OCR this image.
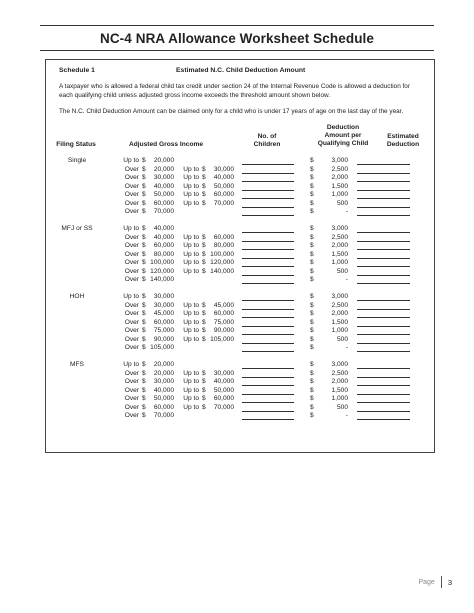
NC-4 NRA Allowance Worksheet Schedule
Schedule 1	Estimated N.C. Child Deduction Amount
A taxpayer who is allowed a federal child tax credit under section 24 of the Internal Revenue Code is allowed a deduction for each qualifying child unless adjusted gross income exceeds the threshold amount shown below.
The N.C. Child Deduction Amount can be claimed only for a child who is under 17 years of age on the last day of the year.
Filing Status	Adjusted Gross Income
No. of
Children
Deduction
Amount per
Qualifying Child
Estimated
Deduction
Single	Up to $	20,000	$	3,000
Over $	20,000	Up to $	30,000	$	2,500
Over $	30,000	Up to $	40,000	$	2,000
Over $	40,000	Up to $	50,000	$	1,500
Over $	50,000	Up to $	60,000	$	1,000
Over $	60,000	Up to $	70,000	$	500
Over $	70,000	$	-
MFJ or SS	Up to $	40,000	$	3,000
Over $	40,000	Up to $	60,000	$	2,500
Over $	60,000	Up to $	80,000	$	2,000
Over $	80,000	Up to $ 100,000	$	1,500
Over $ 100,000	Up to $ 120,000	$	1,000
Over $ 120,000	Up to $ 140,000	$	500
Over $ 140,000	$	-
HOH	Up to $	30,000	$	3,000
Over $	30,000	Up to $	45,000	$	2,500
Over $	45,000	Up to $	60,000	$	2,000
Over $	60,000	Up to $	75,000	$	1,500
Over $	75,000	Up to $	90,000	$	1,000
Over $	90,000	Up to $ 105,000	$	500
Over $ 105,000	$	-
MFS	Up to $	20,000	$	3,000
Over $	20,000	Up to $	30,000	$	2,500
Over $	30,000	Up to $	40,000	$	2,000
Over $	40,000	Up to $	50,000	$	1,500
Over $	50,000	Up to $	60,000	$	1,000
Over $	60,000	Up to $	70,000	$	500
Over $	70,000	$	-
Page 3
